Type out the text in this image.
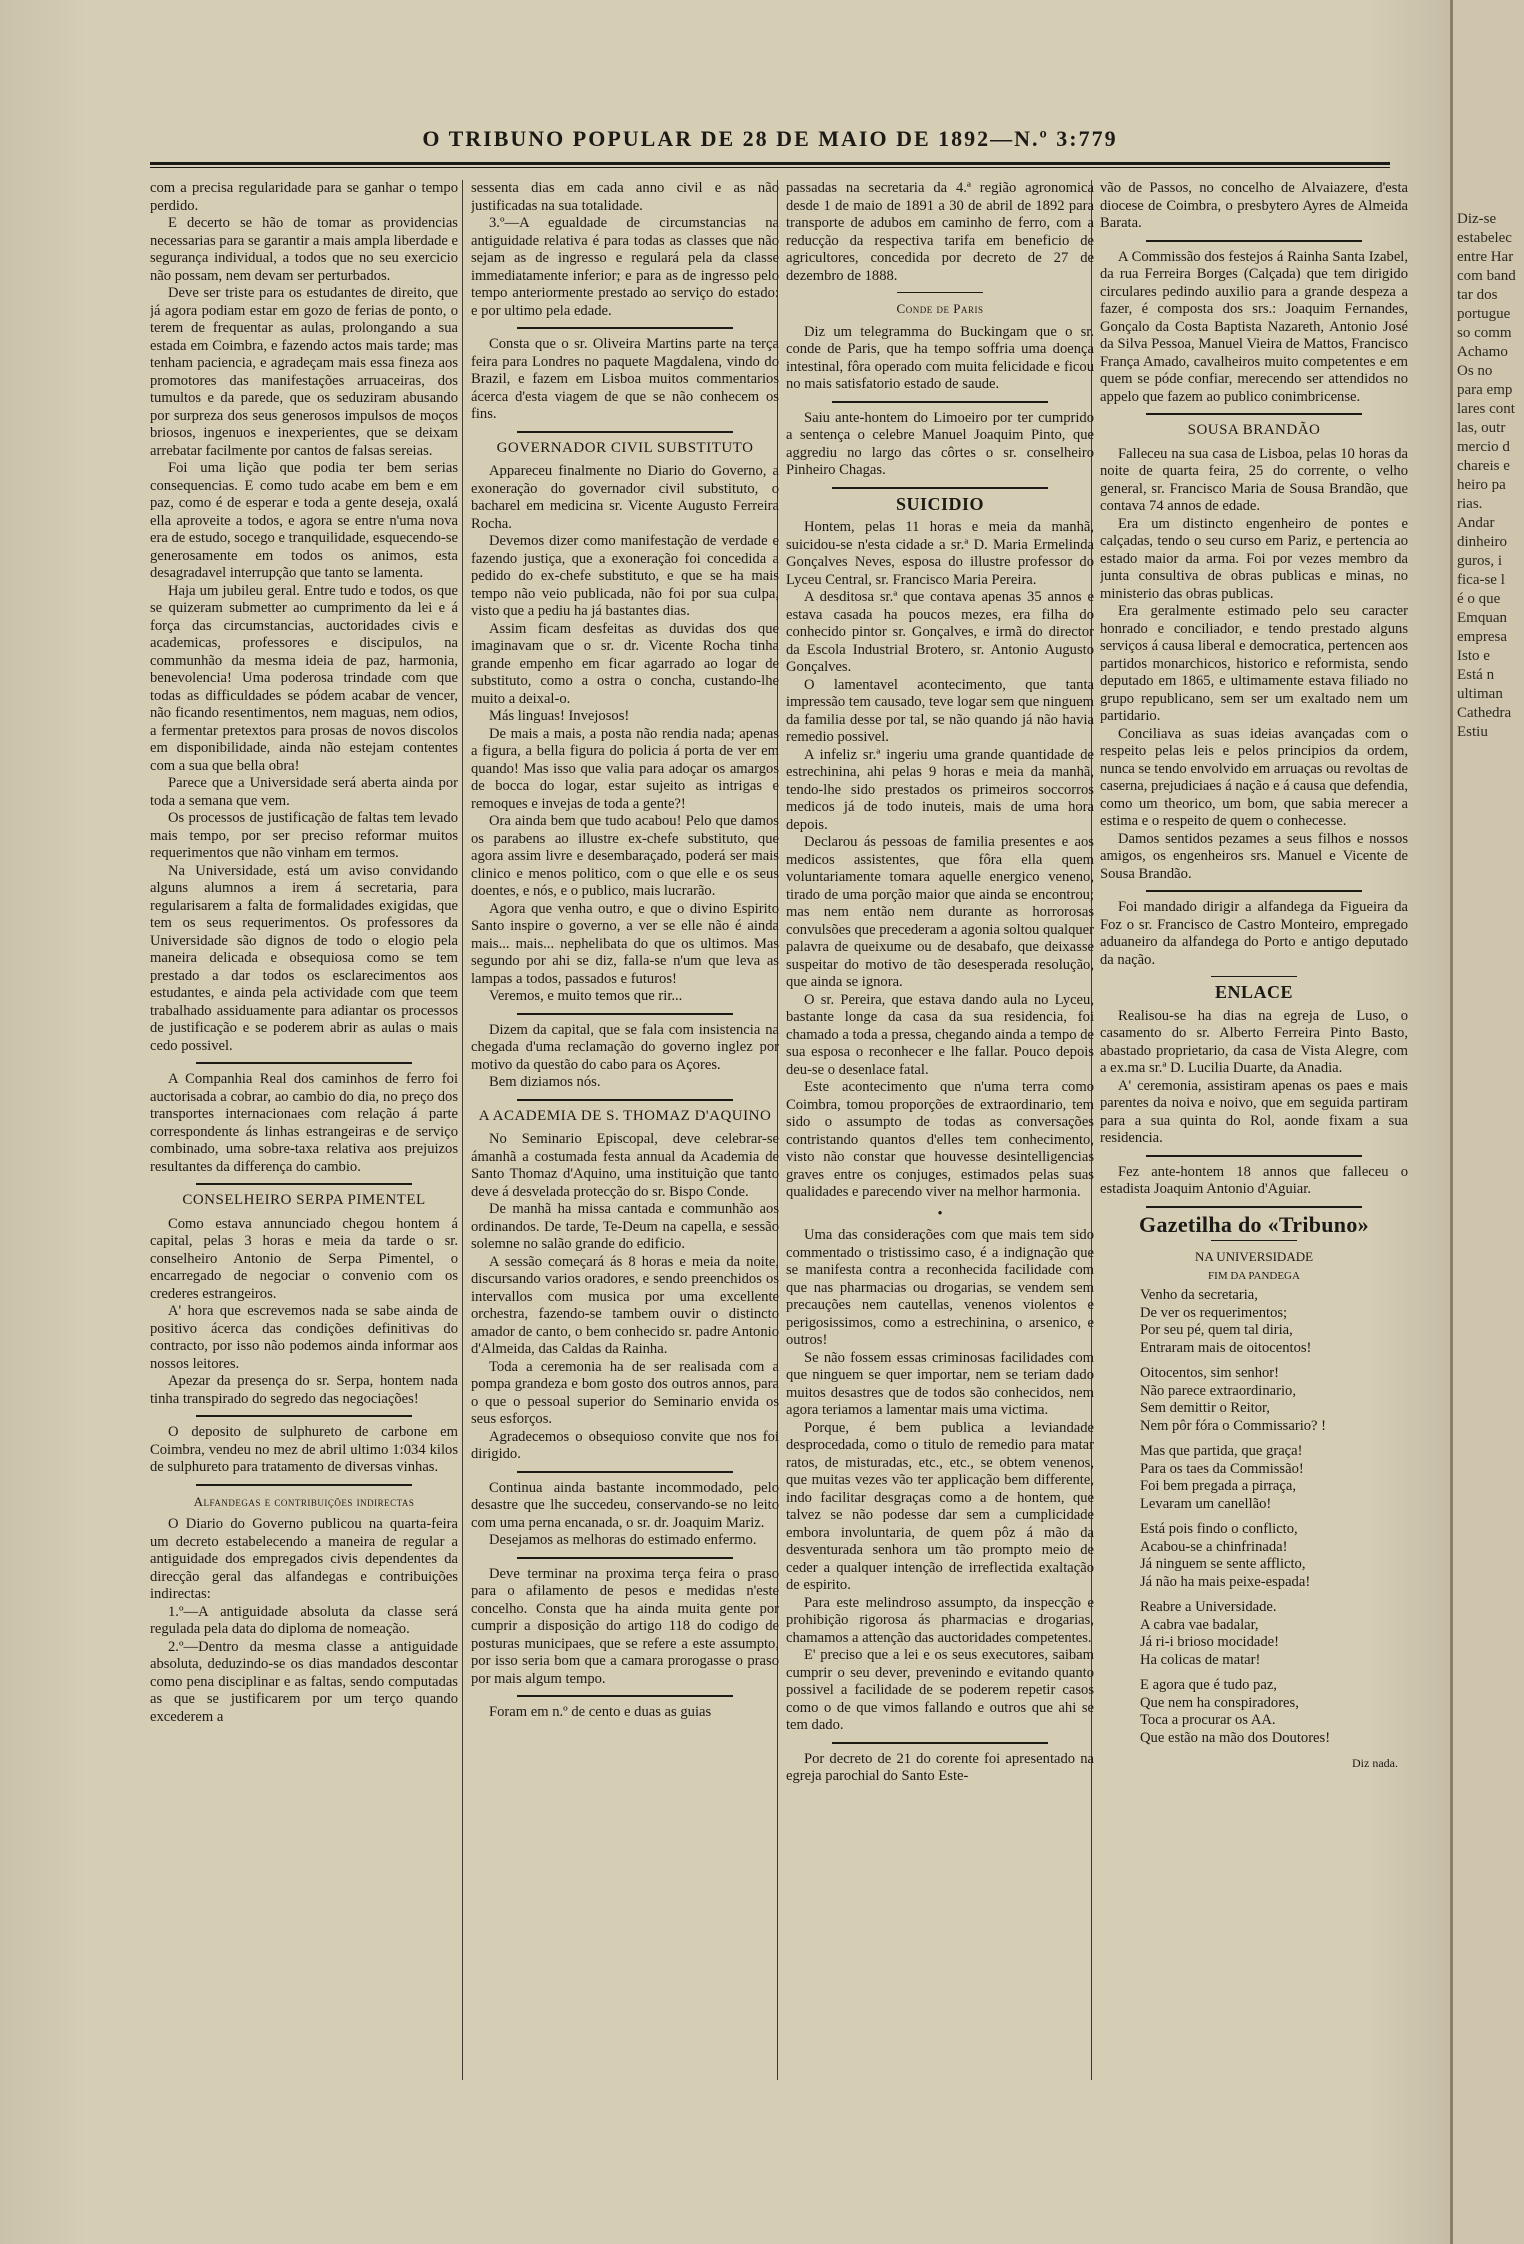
O TRIBUNO POPULAR DE 28 DE MAIO DE 1892—N.º 3:779

com a precisa regularidade para se ganhar o tempo perdido.

E decerto se hão de tomar as providencias necessarias para se garantir a mais ampla liberdade e segurança individual, a todos que no seu exercicio não possam, nem devam ser perturbados.

Deve ser triste para os estudantes de direito, que já agora podiam estar em gozo de ferias de ponto, o terem de frequentar as aulas, prolongando a sua estada em Coimbra, e fazendo actos mais tarde; mas tenham paciencia, e agradeçam mais essa fineza aos promotores das manifestações arruaceiras, dos tumultos e da parede, que os seduziram abusando por surpreza dos seus generosos impulsos de moços briosos, ingenuos e inexperientes, que se deixam arrebatar facilmente por cantos de falsas sereias.

Foi uma lição que podia ter bem serias consequencias. E como tudo acabe em bem e em paz, como é de esperar e toda a gente deseja, oxalá ella aproveite a todos, e agora se entre n'uma nova era de estudo, socego e tranquilidade, esquecendo-se generosamente em todos os animos, esta desagradavel interrupção que tanto se lamenta.

Haja um jubileu geral. Entre tudo e todos, os que se quizeram submetter ao cumprimento da lei e á força das circumstancias, auctoridades civis e academicas, professores e discipulos, na communhão da mesma ideia de paz, harmonia, benevolencia! Uma poderosa trindade com que todas as difficuldades se pódem acabar de vencer, não ficando resentimentos, nem maguas, nem odios, a fermentar pretextos para prosas de novos discolos em disponibilidade, ainda não estejam contentes com a sua que bella obra!

Parece que a Universidade será aberta ainda por toda a semana que vem.

Os processos de justificação de faltas tem levado mais tempo, por ser preciso reformar muitos requerimentos que não vinham em termos.

Na Universidade, está um aviso convidando alguns alumnos a irem á secretaria, para regularisarem a falta de formalidades exigidas, que tem os seus requerimentos. Os professores da Universidade são dignos de todo o elogio pela maneira delicada e obsequiosa como se tem prestado a dar todos os esclarecimentos aos estudantes, e ainda pela actividade com que teem trabalhado assiduamente para adiantar os processos de justificação e se poderem abrir as aulas o mais cedo possivel.

A Companhia Real dos caminhos de ferro foi auctorisada a cobrar, ao cambio do dia, no preço dos transportes internacionaes com relação á parte correspondente ás linhas estrangeiras e de serviço combinado, uma sobre-taxa relativa aos prejuizos resultantes da differença do cambio.

CONSELHEIRO SERPA PIMENTEL

Como estava annunciado chegou hontem á capital, pelas 3 horas e meia da tarde o sr. conselheiro Antonio de Serpa Pimentel, o encarregado de negociar o convenio com os crederes estrangeiros.

A' hora que escrevemos nada se sabe ainda de positivo ácerca das condições definitivas do contracto, por isso não podemos ainda informar aos nossos leitores.

Apezar da presença do sr. Serpa, hontem nada tinha transpirado do segredo das negociações!

O deposito de sulphureto de carbone em Coimbra, vendeu no mez de abril ultimo 1:034 kilos de sulphureto para tratamento de diversas vinhas.

Alfandegas e contribuições indirectas

O Diario do Governo publicou na quarta-feira um decreto estabelecendo a maneira de regular a antiguidade dos empregados civis dependentes da direcção geral das alfandegas e contribuições indirectas:

1.º—A antiguidade absoluta da classe será regulada pela data do diploma de nomeação.

2.º—Dentro da mesma classe a antiguidade absoluta, deduzindo-se os dias mandados descontar como pena disciplinar e as faltas, sendo computadas as que se justificarem por um terço quando excederem a

sessenta dias em cada anno civil e as não justificadas na sua totalidade.

3.º—A egualdade de circumstancias na antiguidade relativa é para todas as classes que não sejam as de ingresso e regulará pela da classe immediatamente inferior; e para as de ingresso pelo tempo anteriormente prestado ao serviço do estado: e por ultimo pela edade.

Consta que o sr. Oliveira Martins parte na terça feira para Londres no paquete Magdalena, vindo do Brazil, e fazem em Lisboa muitos commentarios ácerca d'esta viagem de que se não conhecem os fins.

GOVERNADOR CIVIL SUBSTITUTO

Appareceu finalmente no Diario do Governo, a exoneração do governador civil substituto, o bacharel em medicina sr. Vicente Augusto Ferreira Rocha.

Devemos dizer como manifestação de verdade e fazendo justiça, que a exoneração foi concedida a pedido do ex-chefe substituto, e que se ha mais tempo não veio publicada, não foi por sua culpa, visto que a pediu ha já bastantes dias.

Assim ficam desfeitas as duvidas dos que imaginavam que o sr. dr. Vicente Rocha tinha grande empenho em ficar agarrado ao logar de substituto, como a ostra o concha, custando-lhe muito a deixal-o.

Más linguas! Invejosos!

De mais a mais, a posta não rendia nada; apenas a figura, a bella figura do policia á porta de ver em quando! Mas isso que valia para adoçar os amargos de bocca do logar, estar sujeito as intrigas e remoques e invejas de toda a gente?!

Ora ainda bem que tudo acabou! Pelo que damos os parabens ao illustre ex-chefe substituto, que agora assim livre e desembaraçado, poderá ser mais clinico e menos politico, com o que elle e os seus doentes, e nós, e o publico, mais lucrarão.

Agora que venha outro, e que o divino Espirito Santo inspire o governo, a ver se elle não é ainda mais... mais... nephelibata do que os ultimos. Mas segundo por ahi se diz, falla-se n'um que leva as lampas a todos, passados e futuros!

Veremos, e muito temos que rir...

Dizem da capital, que se fala com insistencia na chegada d'uma reclamação do governo inglez por motivo da questão do cabo para os Açores.

Bem diziamos nós.

A ACADEMIA DE S. THOMAZ D'AQUINO

No Seminario Episcopal, deve celebrar-se ámanhã a costumada festa annual da Academia de Santo Thomaz d'Aquino, uma instituição que tanto deve á desvelada protecção do sr. Bispo Conde.

De manhã ha missa cantada e communhão aos ordinandos. De tarde, Te-Deum na capella, e sessão solemne no salão grande do edificio.

A sessão começará ás 8 horas e meia da noite, discursando varios oradores, e sendo preenchidos os intervallos com musica por uma excellente orchestra, fazendo-se tambem ouvir o distincto amador de canto, o bem conhecido sr. padre Antonio d'Almeida, das Caldas da Rainha.

Toda a ceremonia ha de ser realisada com a pompa grandeza e bom gosto dos outros annos, para o que o pessoal superior do Seminario envida os seus esforços.

Agradecemos o obsequioso convite que nos foi dirigido.

Continua ainda bastante incommodado, pelo desastre que lhe succedeu, conservando-se no leito com uma perna encanada, o sr. dr. Joaquim Mariz.

Desejamos as melhoras do estimado enfermo.

Deve terminar na proxima terça feira o praso para o afilamento de pesos e medidas n'este concelho. Consta que ha ainda muita gente por cumprir a disposição do artigo 118 do codigo de posturas municipaes, que se refere a este assumpto, por isso seria bom que a camara prorogasse o praso por mais algum tempo.

Foram em n.º de cento e duas as guias

passadas na secretaria da 4.ª região agronomica desde 1 de maio de 1891 a 30 de abril de 1892 para transporte de adubos em caminho de ferro, com a reducção da respectiva tarifa em beneficio de agricultores, concedida por decreto de 27 de dezembro de 1888.

Conde de Paris

Diz um telegramma do Buckingam que o sr. conde de Paris, que ha tempo soffria uma doença intestinal, fôra operado com muita felicidade e ficou no mais satisfatorio estado de saude.

Saiu ante-hontem do Limoeiro por ter cumprido a sentença o celebre Manuel Joaquim Pinto, que aggrediu no largo das côrtes o sr. conselheiro Pinheiro Chagas.

SUICIDIO

Hontem, pelas 11 horas e meia da manhã, suicidou-se n'esta cidade a sr.ª D. Maria Ermelinda Gonçalves Neves, esposa do illustre professor do Lyceu Central, sr. Francisco Maria Pereira.

A desditosa sr.ª que contava apenas 35 annos e estava casada ha poucos mezes, era filha do conhecido pintor sr. Gonçalves, e irmã do director da Escola Industrial Brotero, sr. Antonio Augusto Gonçalves.

O lamentavel acontecimento, que tanta impressão tem causado, teve logar sem que ninguem da familia desse por tal, se não quando já não havia remedio possivel.

A infeliz sr.ª ingeriu uma grande quantidade de estrechinina, ahi pelas 9 horas e meia da manhã, tendo-lhe sido prestados os primeiros soccorros medicos já de todo inuteis, mais de uma hora depois.

Declarou ás pessoas de familia presentes e aos medicos assistentes, que fôra ella quem voluntariamente tomara aquelle energico veneno, tirado de uma porção maior que ainda se encontrou; mas nem então nem durante as horrorosas convulsões que precederam a agonia soltou qualquer palavra de queixume ou de desabafo, que deixasse suspeitar do motivo de tão desesperada resolução, que ainda se ignora.

O sr. Pereira, que estava dando aula no Lyceu, bastante longe da casa da sua residencia, foi chamado a toda a pressa, chegando ainda a tempo de sua esposa o reconhecer e lhe fallar. Pouco depois deu-se o desenlace fatal.

Este acontecimento que n'uma terra como Coimbra, tomou proporções de extraordinario, tem sido o assumpto de todas as conversações contristando quantos d'elles tem conhecimento, visto não constar que houvesse desintelligencias graves entre os conjuges, estimados pelas suas qualidades e parecendo viver na melhor harmonia.

•

Uma das considerações com que mais tem sido commentado o tristissimo caso, é a indignação que se manifesta contra a reconhecida facilidade com que nas pharmacias ou drogarias, se vendem sem precauções nem cautellas, venenos violentos e perigosissimos, como a estrechinina, o arsenico, e outros!

Se não fossem essas criminosas facilidades com que ninguem se quer importar, nem se teriam dado muitos desastres que de todos são conhecidos, nem agora teriamos a lamentar mais uma victima.

Porque, é bem publica a leviandade desprocedada, como o titulo de remedio para matar ratos, de misturadas, etc., etc., se obtem venenos, que muitas vezes vão ter applicação bem differente, indo facilitar desgraças como a de hontem, que talvez se não podesse dar sem a cumplicidade embora involuntaria, de quem pôz á mão da desventurada senhora um tão prompto meio de ceder a qualquer intenção de irreflectida exaltação de espirito.

Para este melindroso assumpto, da inspecção e prohibição rigorosa ás pharmacias e drogarias, chamamos a attenção das auctoridades competentes.

E' preciso que a lei e os seus executores, saibam cumprir o seu dever, prevenindo e evitando quanto possivel a facilidade de se poderem repetir casos como o de que vimos fallando e outros que ahi se tem dado.

Por decreto de 21 do corente foi apresentado na egreja parochial do Santo Este-

vão de Passos, no concelho de Alvaiazere, d'esta diocese de Coimbra, o presbytero Ayres de Almeida Barata.

A Commissão dos festejos á Rainha Santa Izabel, da rua Ferreira Borges (Calçada) que tem dirigido circulares pedindo auxilio para a grande despeza a fazer, é composta dos srs.: Joaquim Fernandes, Gonçalo da Costa Baptista Nazareth, Antonio José da Silva Pessoa, Manuel Vieira de Mattos, Francisco França Amado, cavalheiros muito competentes e em quem se póde confiar, merecendo ser attendidos no appelo que fazem ao publico conimbricense.

SOUSA BRANDÃO

Falleceu na sua casa de Lisboa, pelas 10 horas da noite de quarta feira, 25 do corrente, o velho general, sr. Francisco Maria de Sousa Brandão, que contava 74 annos de edade.

Era um distincto engenheiro de pontes e calçadas, tendo o seu curso em Pariz, e pertencia ao estado maior da arma. Foi por vezes membro da junta consultiva de obras publicas e minas, no ministerio das obras publicas.

Era geralmente estimado pelo seu caracter honrado e conciliador, e tendo prestado alguns serviços á causa liberal e democratica, pertencen aos partidos monarchicos, historico e reformista, sendo deputado em 1865, e ultimamente estava filiado no grupo republicano, sem ser um exaltado nem um partidario.

Conciliava as suas ideias avançadas com o respeito pelas leis e pelos principios da ordem, nunca se tendo envolvido em arruaças ou revoltas de caserna, prejudiciaes á nação e á causa que defendia, como um theorico, um bom, que sabia merecer a estima e o respeito de quem o conhecesse.

Damos sentidos pezames a seus filhos e nossos amigos, os engenheiros srs. Manuel e Vicente de Sousa Brandão.

Foi mandado dirigir a alfandega da Figueira da Foz o sr. Francisco de Castro Monteiro, empregado aduaneiro da alfandega do Porto e antigo deputado da nação.

ENLACE

Realisou-se ha dias na egreja de Luso, o casamento do sr. Alberto Ferreira Pinto Basto, abastado proprietario, da casa de Vista Alegre, com a ex.ma sr.ª D. Lucilia Duarte, da Anadia.

A' ceremonia, assistiram apenas os paes e mais parentes da noiva e noivo, que em seguida partiram para a sua quinta do Rol, aonde fixam a sua residencia.

Fez ante-hontem 18 annos que falleceu o estadista Joaquim Antonio d'Aguiar.

Gazetilha do «Tribuno»
NA UNIVERSIDADE
FIM DA PANDEGA
Venho da secretaria,
De ver os requerimentos;
Por seu pé, quem tal diria,
Entraram mais de oitocentos!
Oitocentos, sim senhor!
Não parece extraordinario,
Sem demittir o Reitor,
Nem pôr fóra o Commissario? !
Mas que partida, que graça!
Para os taes da Commissão!
Foi bem pregada a pirraça,
Levaram um canellão!
Está pois findo o conflicto,
Acabou-se a chinfrinada!
Já ninguem se sente afflicto,
Já não ha mais peixe-espada!
Reabre a Universidade.
A cabra vae badalar,
Já ri-i brioso mocidade!
Ha colicas de matar!
E agora que é tudo paz,
Que nem ha conspiradores,
Toca a procurar os AA.
Que estão na mão dos Doutores!
Diz nada.
Diz-se
estabelec
entre Har
com band
tar dos
portugue
so comm
Achamo
Os no
para emp
lares cont
las, outr
mercio d
chareis e
heiro pa
rias.
Andar
dinheiro
guros, i
fica-se l
é o que
Emquan
empresa
Isto e
Está n
ultiman
Cathedra
Estiu
